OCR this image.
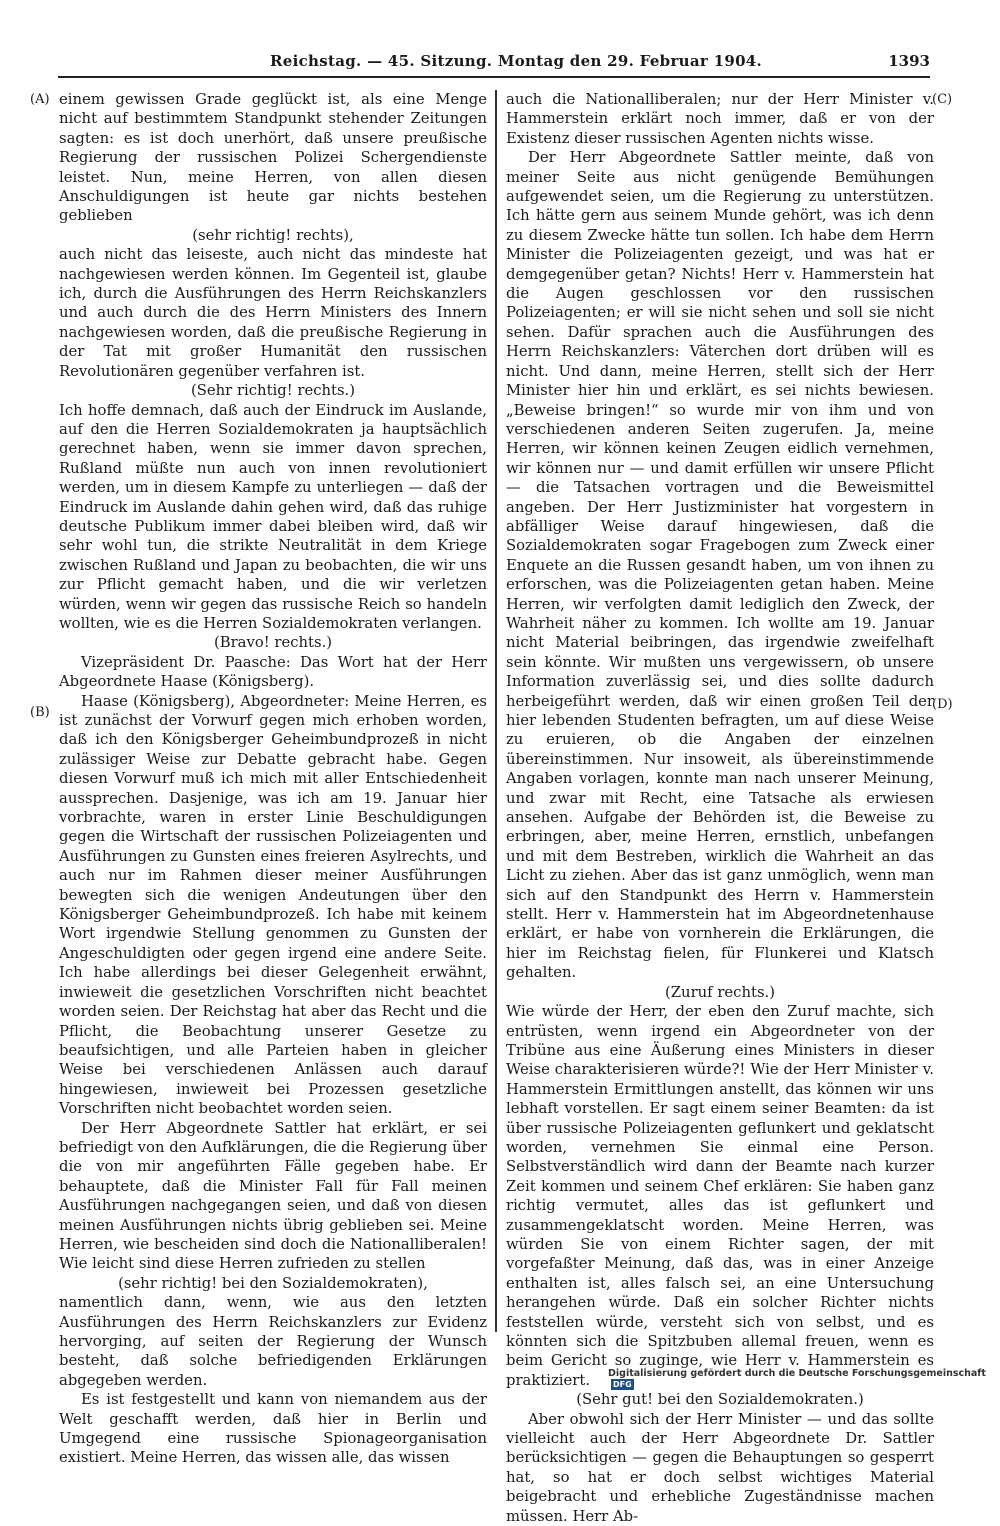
Reichstag. — 45. Sitzung. Montag den 29. Februar 1904.	1393
(A)
(B)
(C)
(D)

einem gewissen Grade geglückt ist, als eine Menge nicht auf bestimmtem Standpunkt stehender Zeitungen sagten: es ist doch unerhört, daß unsere preußische Regierung der russischen Polizei Schergendienste leistet. Nun, meine Herren, von allen diesen Anschuldigungen ist heute gar nichts bestehen geblieben

(sehr richtig! rechts),

auch nicht das leiseste, auch nicht das mindeste hat nachgewiesen werden können. Im Gegenteil ist, glaube ich, durch die Ausführungen des Herrn Reichskanzlers und auch durch die des Herrn Ministers des Innern nachgewiesen worden, daß die preußische Regierung in der Tat mit großer Humanität den russischen Revolutionären gegenüber verfahren ist.

(Sehr richtig! rechts.)

Ich hoffe demnach, daß auch der Eindruck im Auslande, auf den die Herren Sozialdemokraten ja hauptsächlich gerechnet haben, wenn sie immer davon sprechen, Rußland müßte nun auch von innen revolutioniert werden, um in diesem Kampfe zu unterliegen — daß der Eindruck im Auslande dahin gehen wird, daß das ruhige deutsche Publikum immer dabei bleiben wird, daß wir sehr wohl tun, die strikte Neutralität in dem Kriege zwischen Rußland und Japan zu beobachten, die wir uns zur Pflicht gemacht haben, und die wir verletzen würden, wenn wir gegen das russische Reich so handeln wollten, wie es die Herren Sozialdemokraten verlangen.

(Bravo! rechts.)

Vizepräsident Dr. Paasche: Das Wort hat der Herr Abgeordnete Haase (Königsberg).

Haase (Königsberg), Abgeordneter: Meine Herren, es ist zunächst der Vorwurf gegen mich erhoben worden, daß ich den Königsberger Geheimbundprozeß in nicht zulässiger Weise zur Debatte gebracht habe. Gegen diesen Vorwurf muß ich mich mit aller Entschiedenheit aussprechen. Dasjenige, was ich am 19. Januar hier vorbrachte, waren in erster Linie Beschuldigungen gegen die Wirtschaft der russischen Polizeiagenten und Ausführungen zu Gunsten eines freieren Asylrechts, und auch nur im Rahmen dieser meiner Ausführungen bewegten sich die wenigen Andeutungen über den Königsberger Geheimbundprozeß. Ich habe mit keinem Wort irgendwie Stellung genommen zu Gunsten der Angeschuldigten oder gegen irgend eine andere Seite. Ich habe allerdings bei dieser Gelegenheit erwähnt, inwieweit die gesetzlichen Vorschriften nicht beachtet worden seien. Der Reichstag hat aber das Recht und die Pflicht, die Beobachtung unserer Gesetze zu beaufsichtigen, und alle Parteien haben in gleicher Weise bei verschiedenen Anlässen auch darauf hingewiesen, inwieweit bei Prozessen gesetzliche Vorschriften nicht beobachtet worden seien.

Der Herr Abgeordnete Sattler hat erklärt, er sei befriedigt von den Aufklärungen, die die Regierung über die von mir angeführten Fälle gegeben habe. Er behauptete, daß die Minister Fall für Fall meinen Ausführungen nachgegangen seien, und daß von diesen meinen Ausführungen nichts übrig geblieben sei. Meine Herren, wie bescheiden sind doch die Nationalliberalen! Wie leicht sind diese Herren zufrieden zu stellen

(sehr richtig! bei den Sozialdemokraten),

namentlich dann, wenn, wie aus den letzten Ausführungen des Herrn Reichskanzlers zur Evidenz hervorging, auf seiten der Regierung der Wunsch besteht, daß solche befriedigenden Erklärungen abgegeben werden.

Es ist festgestellt und kann von niemandem aus der Welt geschafft werden, daß hier in Berlin und Umgegend eine russische Spionageorganisation existiert. Meine Herren, das wissen alle, das wissen

auch die Nationalliberalen; nur der Herr Minister v. Hammerstein erklärt noch immer, daß er von der Existenz dieser russischen Agenten nichts wisse.

Der Herr Abgeordnete Sattler meinte, daß von meiner Seite aus nicht genügende Bemühungen aufgewendet seien, um die Regierung zu unterstützen. Ich hätte gern aus seinem Munde gehört, was ich denn zu diesem Zwecke hätte tun sollen. Ich habe dem Herrn Minister die Polizeiagenten gezeigt, und was hat er demgegenüber getan? Nichts! Herr v. Hammerstein hat die Augen geschlossen vor den russischen Polizeiagenten; er will sie nicht sehen und soll sie nicht sehen. Dafür sprachen auch die Ausführungen des Herrn Reichskanzlers: Väterchen dort drüben will es nicht. Und dann, meine Herren, stellt sich der Herr Minister hier hin und erklärt, es sei nichts bewiesen. „Beweise bringen!“ so wurde mir von ihm und von verschiedenen anderen Seiten zugerufen. Ja, meine Herren, wir können keinen Zeugen eidlich vernehmen, wir können nur — und damit erfüllen wir unsere Pflicht — die Tatsachen vortragen und die Beweismittel angeben. Der Herr Justizminister hat vorgestern in abfälliger Weise darauf hingewiesen, daß die Sozialdemokraten sogar Fragebogen zum Zweck einer Enquete an die Russen gesandt haben, um von ihnen zu erforschen, was die Polizeiagenten getan haben. Meine Herren, wir verfolgten damit lediglich den Zweck, der Wahrheit näher zu kommen. Ich wollte am 19. Januar nicht Material beibringen, das irgendwie zweifelhaft sein könnte. Wir mußten uns vergewissern, ob unsere Information zuverlässig sei, und dies sollte dadurch herbeigeführt werden, daß wir einen großen Teil der hier lebenden Studenten befragten, um auf diese Weise zu eruieren, ob die Angaben der einzelnen übereinstimmen. Nur insoweit, als übereinstimmende Angaben vorlagen, konnte man nach unserer Meinung, und zwar mit Recht, eine Tatsache als erwiesen ansehen. Aufgabe der Behörden ist, die Beweise zu erbringen, aber, meine Herren, ernstlich, unbefangen und mit dem Bestreben, wirklich die Wahrheit an das Licht zu ziehen. Aber das ist ganz unmöglich, wenn man sich auf den Standpunkt des Herrn v. Hammerstein stellt. Herr v. Hammerstein hat im Abgeordnetenhause erklärt, er habe von vornherein die Erklärungen, die hier im Reichstag fielen, für Flunkerei und Klatsch gehalten.

(Zuruf rechts.)

Wie würde der Herr, der eben den Zuruf machte, sich entrüsten, wenn irgend ein Abgeordneter von der Tribüne aus eine Äußerung eines Ministers in dieser Weise charakterisieren würde?! Wie der Herr Minister v. Hammerstein Ermittlungen anstellt, das können wir uns lebhaft vorstellen. Er sagt einem seiner Beamten: da ist über russische Polizeiagenten geflunkert und geklatscht worden, vernehmen Sie einmal eine Person. Selbstverständlich wird dann der Beamte nach kurzer Zeit kommen und seinem Chef erklären: Sie haben ganz richtig vermutet, alles das ist geflunkert und zusammengeklatscht worden. Meine Herren, was würden Sie von einem Richter sagen, der mit vorgefaßter Meinung, daß das, was in einer Anzeige enthalten ist, alles falsch sei, an eine Untersuchung herangehen würde. Daß ein solcher Richter nichts feststellen würde, versteht sich von selbst, und es könnten sich die Spitzbuben allemal freuen, wenn es beim Gericht so zuginge, wie Herr v. Hammerstein es praktiziert.

(Sehr gut! bei den Sozialdemokraten.)

Aber obwohl sich der Herr Minister — und das sollte vielleicht auch der Herr Abgeordnete Dr. Sattler berücksichtigen — gegen die Behauptungen so gesperrt hat, so hat er doch selbst wichtiges Material beigebracht und erhebliche Zugeständnisse machen müssen. Herr Ab-

Digitalisierung gefördert durch die Deutsche Forschungsgemeinschaft DFG
